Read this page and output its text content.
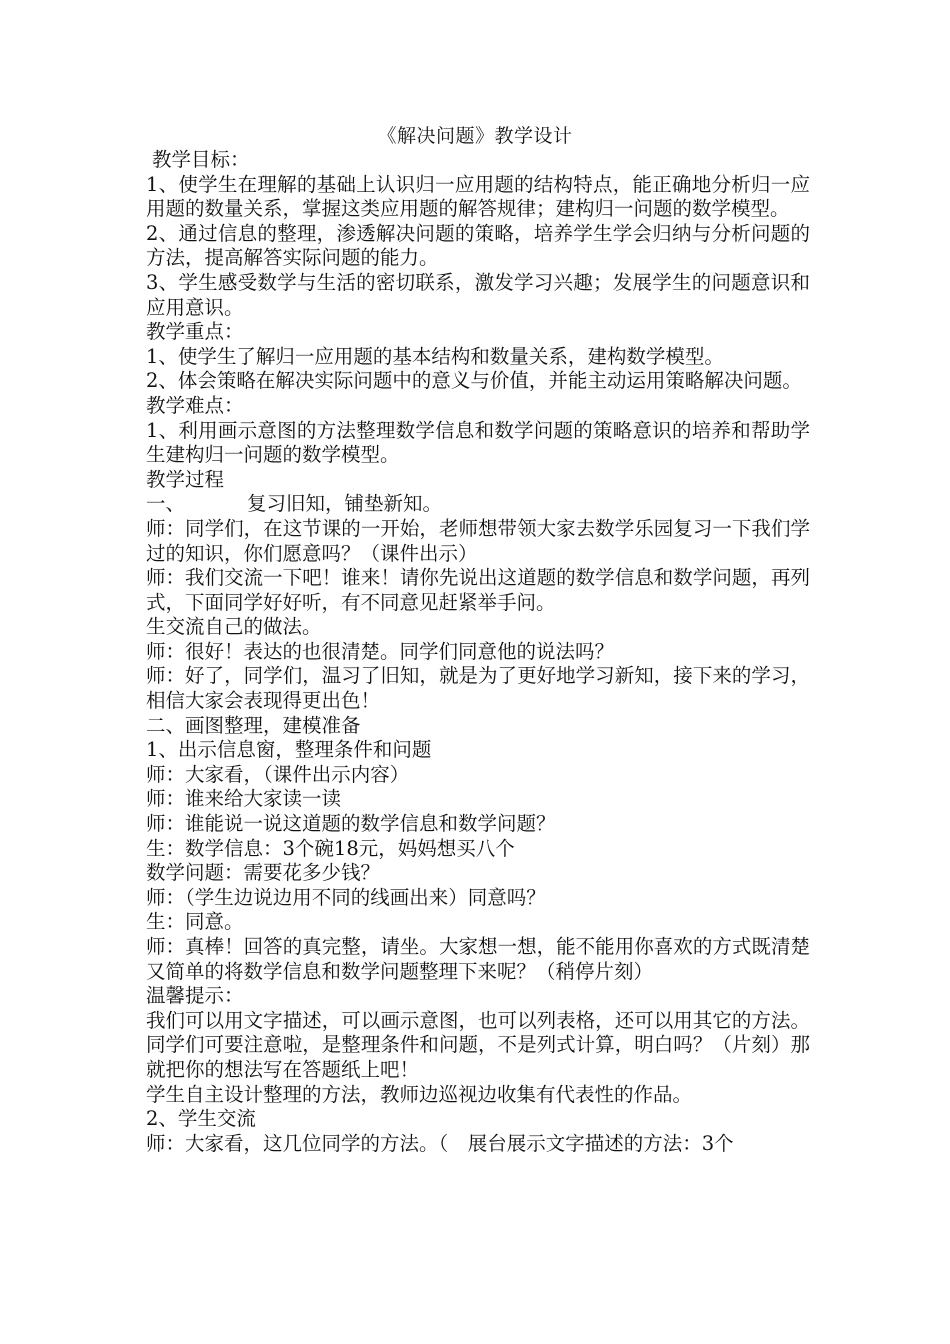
《解决问题》教学设计

教学目标：

1、使学生在理解的基础上认识归一应用题的结构特点，能正确地分析归一应用题的数量关系，掌握这类应用题的解答规律；建构归一问题的数学模型。

2、通过信息的整理，渗透解决问题的策略，培养学生学会归纳与分析问题的方法，提高解答实际问题的能力。

3、学生感受数学与生活的密切联系，激发学习兴趣；发展学生的问题意识和应用意识。

教学重点：

1、使学生了解归一应用题的基本结构和数量关系，建构数学模型。

2、体会策略在解决实际问题中的意义与价值，并能主动运用策略解决问题。

教学难点：

1、利用画示意图的方法整理数学信息和数学问题的策略意识的培养和帮助学生建构归一问题的数学模型。

教学过程

一、	复习旧知，铺垫新知。

师：同学们，在这节课的一开始，老师想带领大家去数学乐园复习一下我们学过的知识，你们愿意吗？（课件出示）

师：我们交流一下吧！谁来！请你先说出这道题的数学信息和数学问题，再列式，下面同学好好听，有不同意见赶紧举手问。

生交流自己的做法。

师：很好！表达的也很清楚。同学们同意他的说法吗？

师：好了，同学们，温习了旧知，就是为了更好地学习新知，接下来的学习，相信大家会表现得更出色！

二、画图整理，建模准备

1、出示信息窗，整理条件和问题

师：大家看，（课件出示内容）

师：谁来给大家读一读

师：谁能说一说这道题的数学信息和数学问题？

生：数学信息：3个碗18元，妈妈想买八个

数学问题：需要花多少钱？

师：（学生边说边用不同的线画出来）同意吗？

生：同意。

师：真棒！回答的真完整，请坐。大家想一想，能不能用你喜欢的方式既清楚又简单的将数学信息和数学问题整理下来呢？（稍停片刻）

温馨提示：

我们可以用文字描述，可以画示意图，也可以列表格，还可以用其它的方法。同学们可要注意啦，是整理条件和问题，不是列式计算，明白吗？（片刻）那就把你的想法写在答题纸上吧！

学生自主设计整理的方法，教师边巡视边收集有代表性的作品。

2、学生交流

师：大家看，这几位同学的方法。（　展台展示文字描述的方法：3个
